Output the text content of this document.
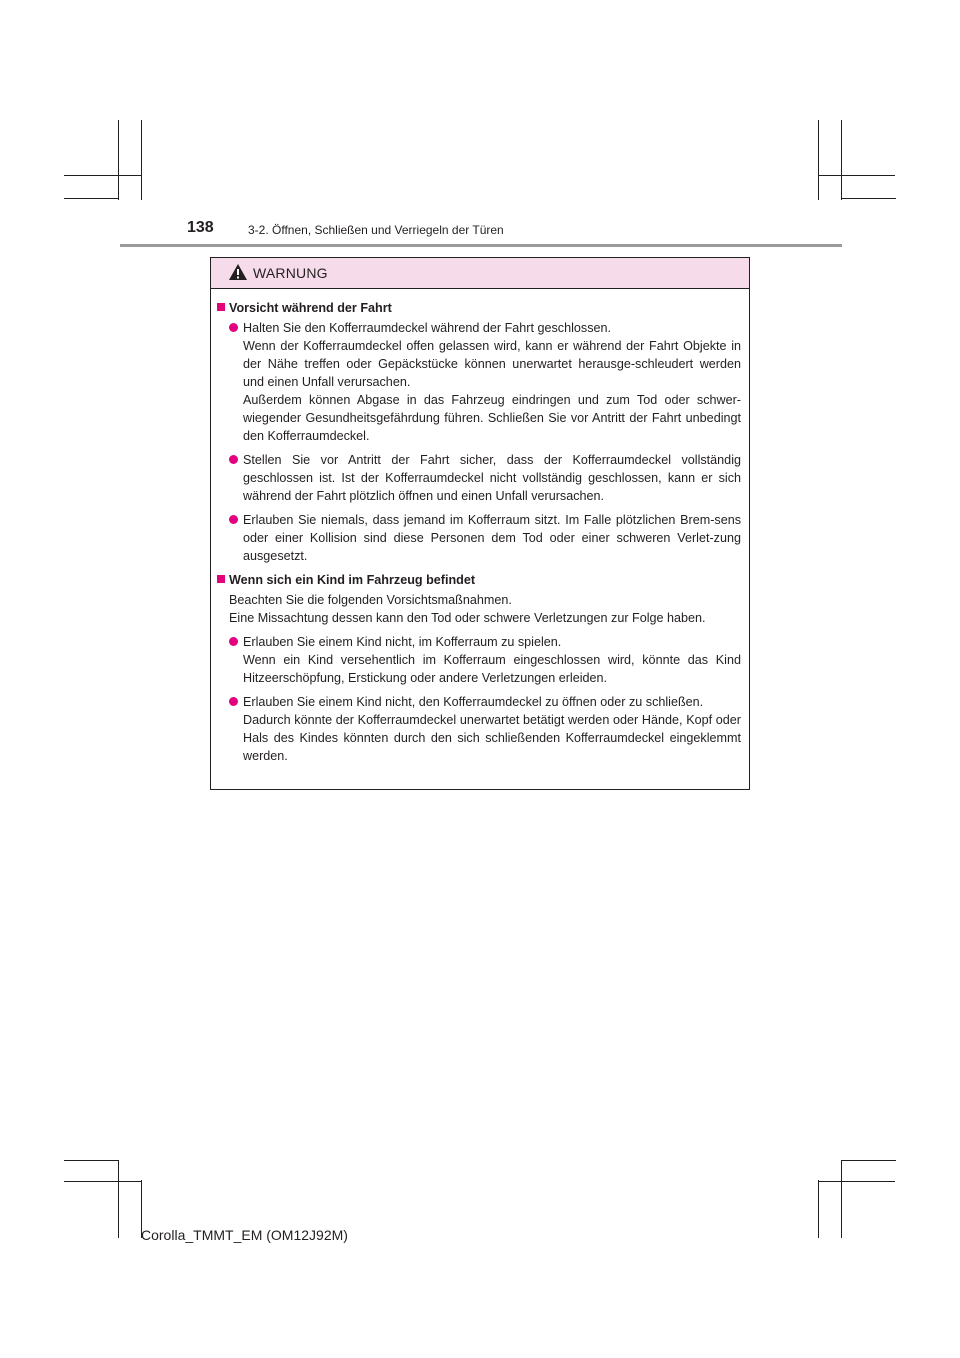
138	3-2. Öffnen, Schließen und Verriegeln der Türen
WARNUNG
Vorsicht während der Fahrt

Halten Sie den Kofferraumdeckel während der Fahrt geschlossen.

Wenn der Kofferraumdeckel offen gelassen wird, kann er während der Fahrt Objekte in der Nähe treffen oder Gepäckstücke können unerwartet herausge-schleudert werden und einen Unfall verursachen.

Außerdem können Abgase in das Fahrzeug eindringen und zum Tod oder schwer-wiegender Gesundheitsgefährdung führen. Schließen Sie vor Antritt der Fahrt unbedingt den Kofferraumdeckel.

Stellen Sie vor Antritt der Fahrt sicher, dass der Kofferraumdeckel vollständig geschlossen ist. Ist der Kofferraumdeckel nicht vollständig geschlossen, kann er sich während der Fahrt plötzlich öffnen und einen Unfall verursachen.

Erlauben Sie niemals, dass jemand im Kofferraum sitzt. Im Falle plötzlichen Brem-sens oder einer Kollision sind diese Personen dem Tod oder einer schweren Verlet-zung ausgesetzt.

Wenn sich ein Kind im Fahrzeug befindet

Beachten Sie die folgenden Vorsichtsmaßnahmen.

Eine Missachtung dessen kann den Tod oder schwere Verletzungen zur Folge haben.

Erlauben Sie einem Kind nicht, im Kofferraum zu spielen.

Wenn ein Kind versehentlich im Kofferraum eingeschlossen wird, könnte das Kind Hitzeerschöpfung, Erstickung oder andere Verletzungen erleiden.

Erlauben Sie einem Kind nicht, den Kofferraumdeckel zu öffnen oder zu schließen.

Dadurch könnte der Kofferraumdeckel unerwartet betätigt werden oder Hände, Kopf oder Hals des Kindes könnten durch den sich schließenden Kofferraumdeckel eingeklemmt werden.

Corolla_TMMT_EM (OM12J92M)
